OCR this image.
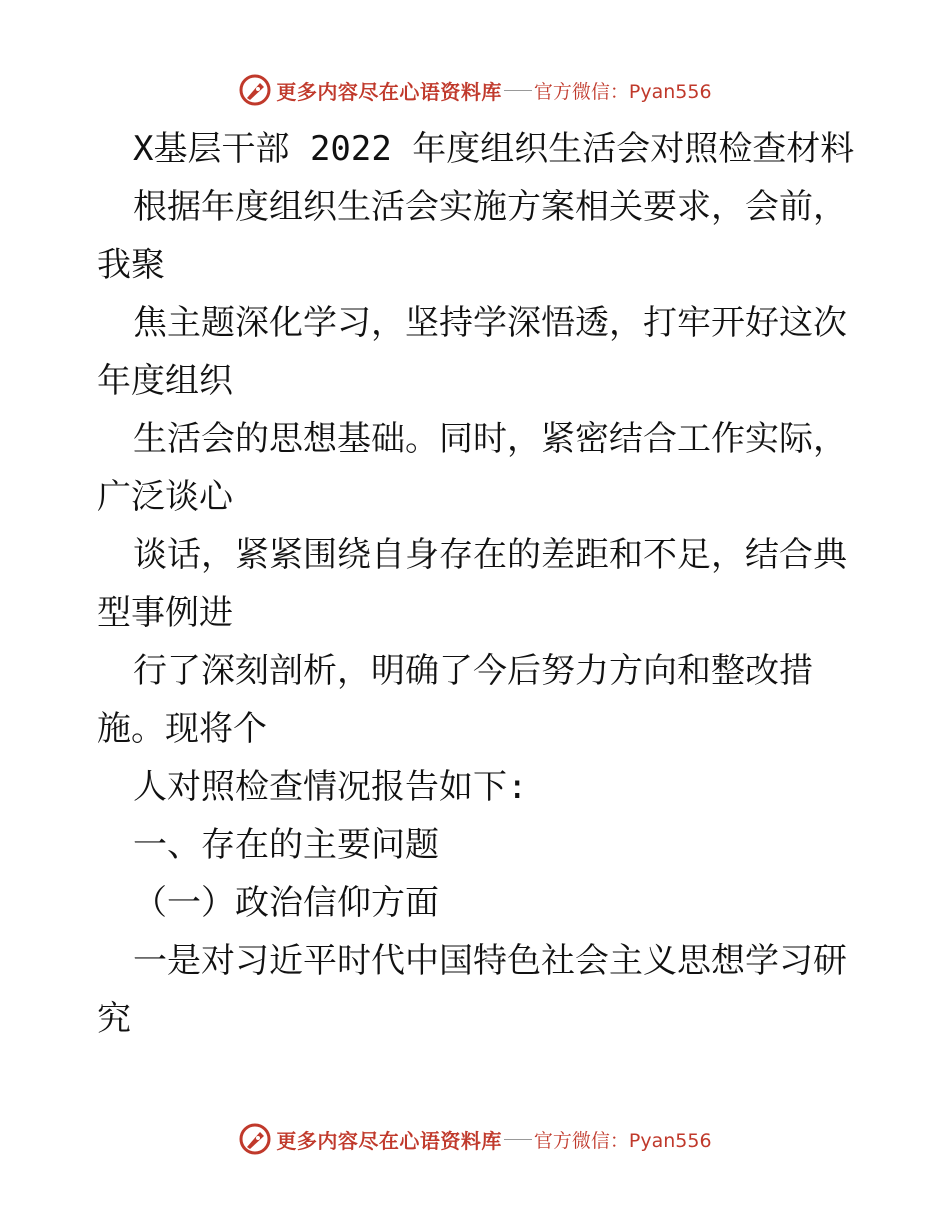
更多内容尽在心语资料库 官方微信：Pyan556

X基层干部 2022 年度组织生活会对照检查材料

根据年度组织生活会实施方案相关要求，会前，

我聚

焦主题深化学习，坚持学深悟透，打牢开好这次

年度组织

生活会的思想基础。同时，紧密结合工作实际，

广泛谈心

谈话，紧紧围绕自身存在的差距和不足，结合典

型事例进

行了深刻剖析，明确了今后努力方向和整改措

施。现将个

人对照检查情况报告如下:

一、存在的主要问题

（一）政治信仰方面

一是对习近平时代中国特色社会主义思想学习研

究

更多内容尽在心语资料库 官方微信：Pyan556
